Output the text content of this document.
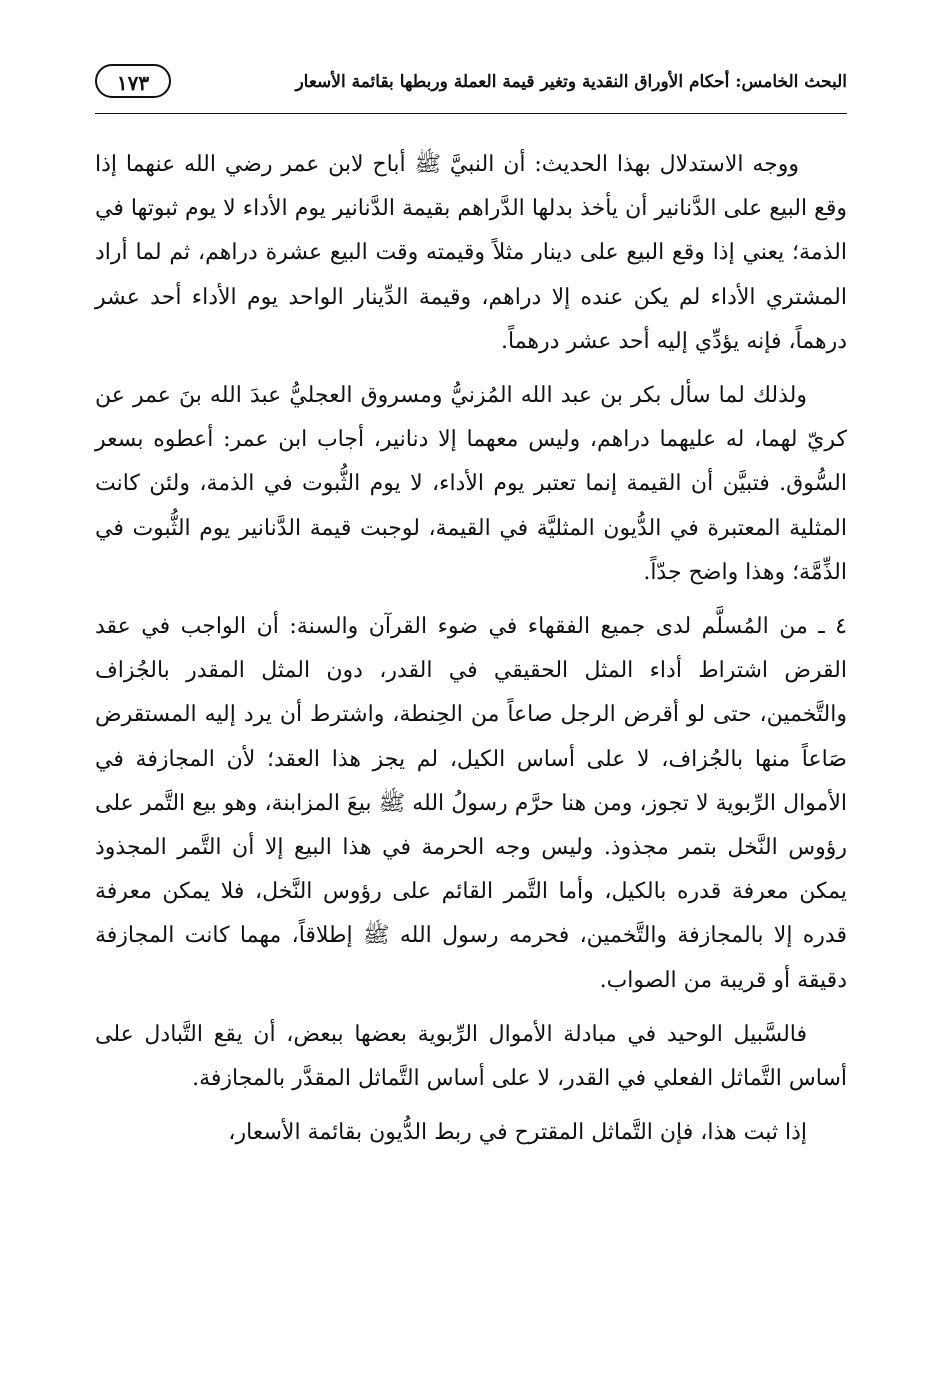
البحث الخامس: أحكام الأوراق النقدية وتغير قيمة العملة وربطها بقائمة الأسعار
١٧٣

ووجه الاستدلال بهذا الحديث: أن النبيَّ ﷺ أباح لابن عمر رضي الله عنهما إذا وقع البيع على الدَّنانير أن يأخذ بدلها الدَّراهم بقيمة الدَّنانير يوم الأداء لا يوم ثبوتها في الذمة؛ يعني إذا وقع البيع على دينار مثلاً وقيمته وقت البيع عشرة دراهم، ثم لما أراد المشتري الأداء لم يكن عنده إلا دراهم، وقيمة الدِّينار الواحد يوم الأداء أحد عشر درهماً، فإنه يؤدِّي إليه أحد عشر درهماً.

ولذلك لما سأل بكر بن عبد الله المُزنيُّ ومسروق العجليُّ عبدَ الله بنَ عمر عن كريّ لهما، له عليهما دراهم، وليس معهما إلا دنانير، أجاب ابن عمر: أعطوه بسعر السُّوق. فتبيَّن أن القيمة إنما تعتبر يوم الأداء، لا يوم الثُّبوت في الذمة، ولئن كانت المثلية المعتبرة في الدُّيون المثليَّة في القيمة، لوجبت قيمة الدَّنانير يوم الثُّبوت في الذِّمَّة؛ وهذا واضح جدّاً.

٤ ـ من المُسلَّم لدى جميع الفقهاء في ضوء القرآن والسنة: أن الواجب في عقد القرض اشتراط أداء المثل الحقيقي في القدر، دون المثل المقدر بالجُزاف والتَّخمين، حتى لو أقرض الرجل صاعاً من الحِنطة، واشترط أن يرد إليه المستقرض صَاعاً منها بالجُزاف، لا على أساس الكيل، لم يجز هذا العقد؛ لأن المجازفة في الأموال الرِّبوية لا تجوز، ومن هنا حرَّم رسولُ الله ﷺ بيعَ المزابنة، وهو بيع التَّمر على رؤوس النَّخل بتمر مجذوذ. وليس وجه الحرمة في هذا البيع إلا أن التَّمر المجذوذ يمكن معرفة قدره بالكيل، وأما التَّمر القائم على رؤوس النَّخل، فلا يمكن معرفة قدره إلا بالمجازفة والتَّخمين، فحرمه رسول الله ﷺ إطلاقاً، مهما كانت المجازفة دقيقة أو قريبة من الصواب.

فالسَّبيل الوحيد في مبادلة الأموال الرِّبوية بعضها ببعض، أن يقع التَّبادل على أساس التَّماثل الفعلي في القدر، لا على أساس التَّماثل المقدَّر بالمجازفة.

إذا ثبت هذا، فإن التَّماثل المقترح في ربط الدُّيون بقائمة الأسعار،
